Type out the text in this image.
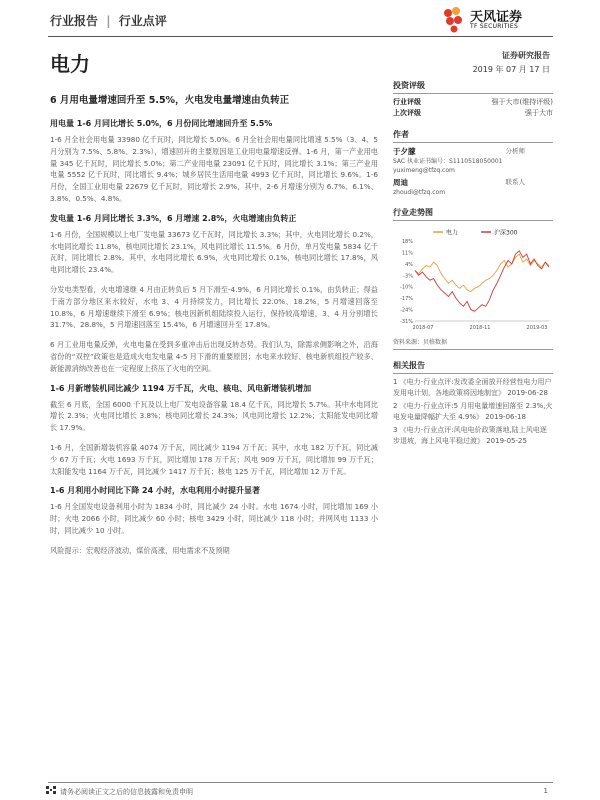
行业报告 | 行业点评	天风证券
TF SECURITIES
电力	证券研究报告
2019 年 07 月 17 日
6 月用电量增速回升至 5.5%，火电发电量增速由负转正
用电量 1-6 月同比增长 5.0%，6 月份同比增速回升至 5.5%
1-6 月全社会用电量 33980 亿千瓦时，同比增长 5.0%。6 月全社会用电量同比增速 5.5%（3、4、5 月分别为 7.5%、5.8%、2.3%），增速回升的主要原因是工业用电量增速反弹。1-6 月，第一产业用电量 345 亿千瓦时，同比增长 5.0%；第二产业用电量 23091 亿千瓦时，同比增长 3.1%；第三产业用电量 5552 亿千瓦时，同比增长 9.4%；城乡居民生活用电量 4993 亿千瓦时，同比增长 9.6%。1-6 月份，全国工业用电量 22679 亿千瓦时，同比增长 2.9%，其中，2-6 月增速分别为 6.7%、6.1%、3.8%、0.5%、4.8%。
发电量 1-6 月同比增长 3.3%，6 月增速 2.8%，火电增速由负转正
1-6 月份，全国规模以上电厂发电量 33673 亿千瓦时，同比增长 3.3%；其中，火电同比增长 0.2%，水电同比增长 11.8%，核电同比增长 23.1%，风电同比增长 11.5%。6 月份，单月发电量 5834 亿千瓦时，同比增长 2.8%。其中，水电同比增长 6.9%，火电同比增长 0.1%，核电同比增长 17.8%，风电同比增长 23.4%。
分发电类型看，火电增速继 4 月由正转负后 5 月下滑至-4.9%，6 月同比增长 0.1%，由负转正；得益于南方部分地区来水较好，水电 3、4 月持续发力，同比增长 22.0%、18.2%，5 月增速回落至 10.8%，6 月增速继续下滑至 6.9%；核电因新机组陆续投入运行，保持较高增速，3、4 月分别增长 31.7%、28.8%，5 月增速回落至 15.4%，6 月增速回升至 17.8%。
6 月工业用电量反弹，火电电量在受到多重冲击后出现反转态势。我们认为，除需求侧影响之外，沿海省份的“双控”政策也是造成火电发电量 4-5 月下滑的重要原因；水电来水较好、核电新机组投产较多、新能源消纳改善也在一定程度上挤压了火电的空间。
1-6 月新增装机同比减少 1194 万千瓦，火电、核电、风电新增装机增加
截至 6 月底，全国 6000 千瓦及以上电厂发电设备容量 18.4 亿千瓦，同比增长 5.7%。其中水电同比增长 2.3%；火电同比增长 3.8%；核电同比增长 24.3%；风电同比增长 12.2%；太阳能发电同比增长 17.9%。
1-6 月，全国新增装机容量 4074 万千瓦，同比减少 1194 万千瓦；其中，水电 182 万千瓦，同比减少 67 万千瓦；火电 1693 万千瓦，同比增加 178 万千瓦；风电 909 万千瓦，同比增加 99 万千瓦；太阳能发电 1164 万千瓦，同比减少 1417 万千瓦；核电 125 万千瓦，同比增加 12 万千瓦。
1-6 月利用小时同比下降 24 小时，水电利用小时提升显著
1-6 月全国发电设备利用小时为 1834 小时，同比减少 24 小时。水电 1674 小时，同比增加 169 小时；火电 2066 小时，同比减少 60 小时；核电 3429 小时，同比减少 118 小时；并网风电 1133 小时，同比减少 10 小时。
风险提示：宏观经济波动，煤价高涨，用电需求不及预期
投资评级
行业评级	强于大市(维持评级)
上次评级	强于大市
作者
于夕朦	分析师
SAC 执业证书编号：S1110518050001
yuximeng@tfzq.com
周迪	联系人
zhoudi@tfzq.com
行业走势图
电力	沪深300
18%
11%
4%
-3%
-10%
-17%
-24%
-31%
2018-07	2018-11	2019-03
资料来源：贝格数据
相关报告
1 《电力-行业点评:发改委全面放开经营性电力用户发用电计划，各地政策将因地制宜》 2019-06-28
2 《电力-行业点评:5 月用电量增速回落至 2.3%,火电发电量降幅扩大至 4.9%》 2019-06-18
3 《电力-行业点评:风电电价政策落地,陆上风电逐步退坡，海上风电平稳过渡》 2019-05-25
请务必阅读正文之后的信息披露和免责申明	1
